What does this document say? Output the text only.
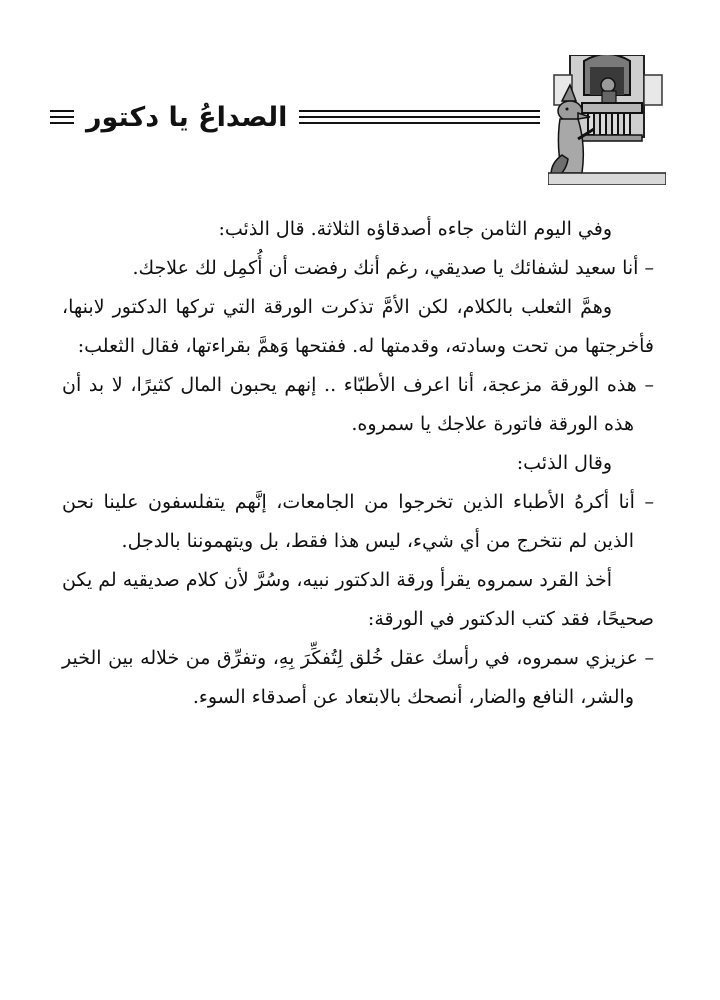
الصداعُ يا دكتور

وفي اليوم الثامن جاءه أصدقاؤه الثلاثة. قال الذئب:

– أنا سعيد لشفائك يا صديقي، رغم أنك رفضت أن أُكمِل لك علاجك.

وهمَّ الثعلب بالكلام، لكن الأمَّ تذكرت الورقة التي تركها الدكتور لابنها، فأخرجتها من تحت وسادته، وقدمتها له. ففتحها وَهمَّ بقراءتها، فقال الثعلب:

– هذه الورقة مزعجة، أنا اعرف الأطبّاء .. إنهم يحبون المال كثيرًا، لا بد أن هذه الورقة فاتورة علاجك يا سمروه.

وقال الذئب:

– أنا أكرهُ الأطباء الذين تخرجوا من الجامعات، إنَّهم يتفلسفون علينا نحن الذين لم نتخرج من أي شيء، ليس هذا فقط، بل ويتهموننا بالدجل.

أخذ القرد سمروه يقرأ ورقة الدكتور نبيه، وسُرَّ لأن كلام صديقيه لم يكن صحيحًا، فقد كتب الدكتور في الورقة:

– عزيزي سمروه، في رأسك عقل خُلق لِتُفكِّرَ بِهِ، وتفرِّق من خلاله بين الخير والشر، النافع والضار، أنصحك بالابتعاد عن أصدقاء السوء.
